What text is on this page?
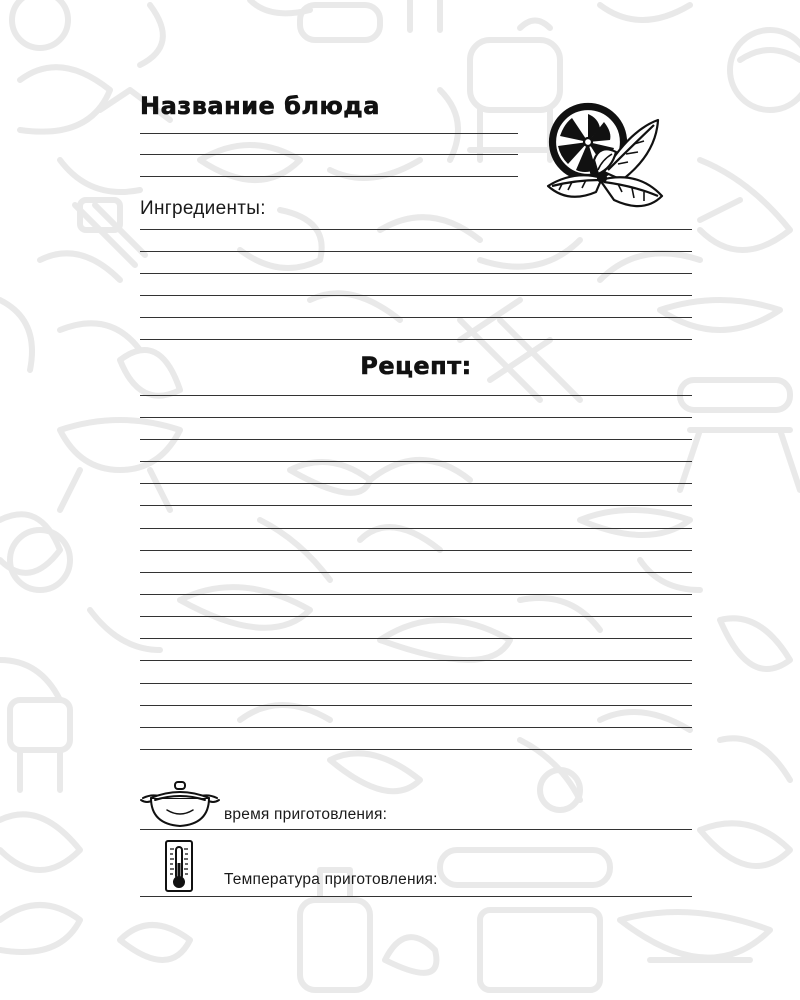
Название блюда
Ингредиенты:
Рецепт:
время приготовления:
Температура приготовления:
